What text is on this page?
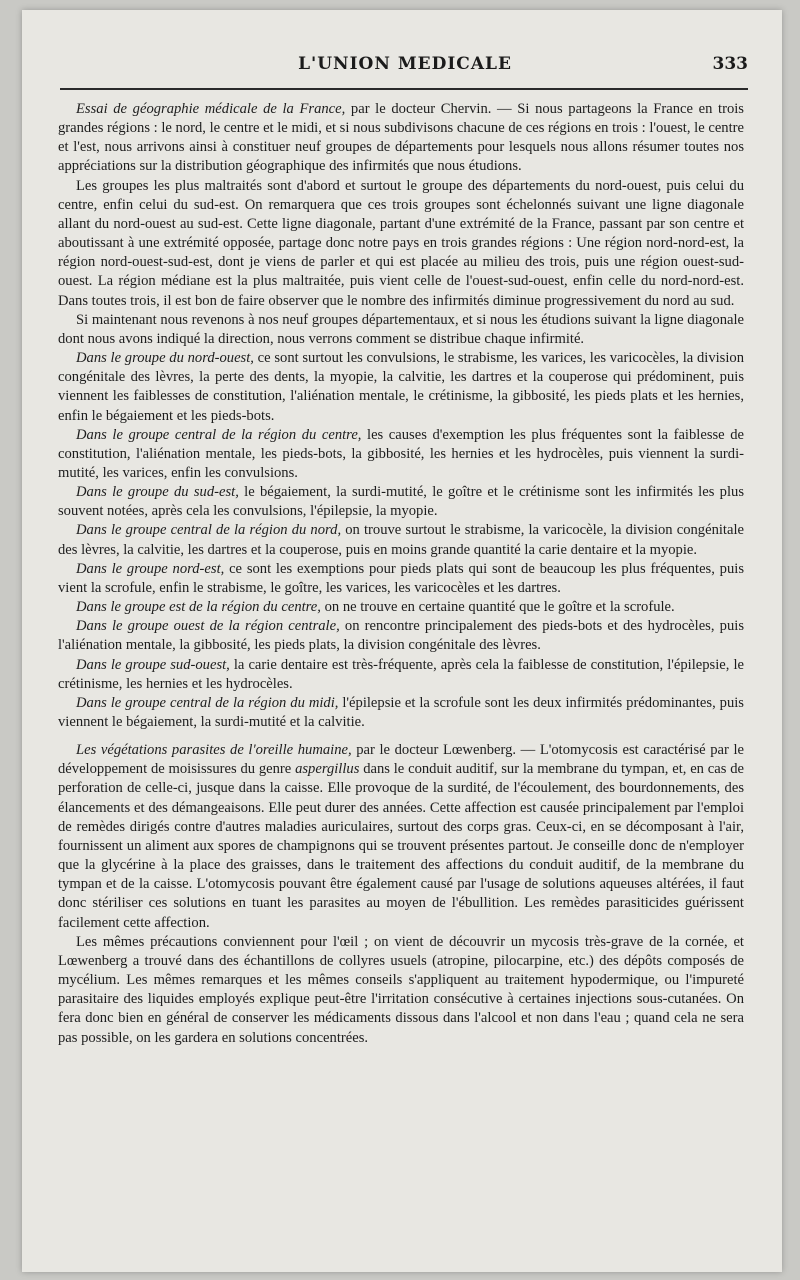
L'UNION MEDICALE	333

Essai de géographie médicale de la France, par le docteur Chervin. — Si nous partageons la France en trois grandes régions : le nord, le centre et le midi, et si nous subdivisons chacune de ces régions en trois : l'ouest, le centre et l'est, nous arrivons ainsi à constituer neuf groupes de départements pour lesquels nous allons résumer toutes nos appréciations sur la distribution géographique des infirmités que nous étudions.

Les groupes les plus maltraités sont d'abord et surtout le groupe des départements du nord-ouest, puis celui du centre, enfin celui du sud-est. On remarquera que ces trois groupes sont échelonnés suivant une ligne diagonale allant du nord-ouest au sud-est. Cette ligne diagonale, partant d'une extrémité de la France, passant par son centre et aboutissant à une extrémité opposée, partage donc notre pays en trois grandes régions : Une région nord-nord-est, la région nord-ouest-sud-est, dont je viens de parler et qui est placée au milieu des trois, puis une région ouest-sud-ouest. La région médiane est la plus maltraitée, puis vient celle de l'ouest-sud-ouest, enfin celle du nord-nord-est. Dans toutes trois, il est bon de faire observer que le nombre des infirmités diminue progressivement du nord au sud.

Si maintenant nous revenons à nos neuf groupes départementaux, et si nous les étudions suivant la ligne diagonale dont nous avons indiqué la direction, nous verrons comment se distribue chaque infirmité.

Dans le groupe du nord-ouest, ce sont surtout les convulsions, le strabisme, les varices, les varicocèles, la division congénitale des lèvres, la perte des dents, la myopie, la calvitie, les dartres et la couperose qui prédominent, puis viennent les faiblesses de constitution, l'aliénation mentale, le crétinisme, la gibbosité, les pieds plats et les hernies, enfin le bégaiement et les pieds-bots.

Dans le groupe central de la région du centre, les causes d'exemption les plus fréquentes sont la faiblesse de constitution, l'aliénation mentale, les pieds-bots, la gibbosité, les hernies et les hydrocèles, puis viennent la surdi-mutité, les varices, enfin les convulsions.

Dans le groupe du sud-est, le bégaiement, la surdi-mutité, le goître et le crétinisme sont les infirmités les plus souvent notées, après cela les convulsions, l'épilepsie, la myopie.

Dans le groupe central de la région du nord, on trouve surtout le strabisme, la varicocèle, la division congénitale des lèvres, la calvitie, les dartres et la couperose, puis en moins grande quantité la carie dentaire et la myopie.

Dans le groupe nord-est, ce sont les exemptions pour pieds plats qui sont de beaucoup les plus fréquentes, puis vient la scrofule, enfin le strabisme, le goître, les varices, les varicocèles et les dartres.

Dans le groupe est de la région du centre, on ne trouve en certaine quantité que le goître et la scrofule.

Dans le groupe ouest de la région centrale, on rencontre principalement des pieds-bots et des hydrocèles, puis l'aliénation mentale, la gibbosité, les pieds plats, la division congénitale des lèvres.

Dans le groupe sud-ouest, la carie dentaire est très-fréquente, après cela la faiblesse de constitution, l'épilepsie, le crétinisme, les hernies et les hydrocèles.

Dans le groupe central de la région du midi, l'épilepsie et la scrofule sont les deux infirmités prédominantes, puis viennent le bégaiement, la surdi-mutité et la calvitie.

Les végétations parasites de l'oreille humaine, par le docteur Lœwenberg. — L'otomycosis est caractérisé par le développement de moisissures du genre aspergillus dans le conduit auditif, sur la membrane du tympan, et, en cas de perforation de celle-ci, jusque dans la caisse. Elle provoque de la surdité, de l'écoulement, des bourdonnements, des élancements et des démangeaisons. Elle peut durer des années. Cette affection est causée principalement par l'emploi de remèdes dirigés contre d'autres maladies auriculaires, surtout des corps gras. Ceux-ci, en se décomposant à l'air, fournissent un aliment aux spores de champignons qui se trouvent présentes partout. Je conseille donc de n'employer que la glycérine à la place des graisses, dans le traitement des affections du conduit auditif, de la membrane du tympan et de la caisse. L'otomycosis pouvant être également causé par l'usage de solutions aqueuses altérées, il faut donc stériliser ces solutions en tuant les parasites au moyen de l'ébullition. Les remèdes parasiticides guérissent facilement cette affection.

Les mêmes précautions conviennent pour l'œil ; on vient de découvrir un mycosis très-grave de la cornée, et Lœwenberg a trouvé dans des échantillons de collyres usuels (atropine, pilocarpine, etc.) des dépôts composés de mycélium. Les mêmes remarques et les mêmes conseils s'appliquent au traitement hypodermique, ou l'impureté parasitaire des liquides employés explique peut-être l'irritation consécutive à certaines injections sous-cutanées. On fera donc bien en général de conserver les médicaments dissous dans l'alcool et non dans l'eau ; quand cela ne sera pas possible, on les gardera en solutions concentrées.
